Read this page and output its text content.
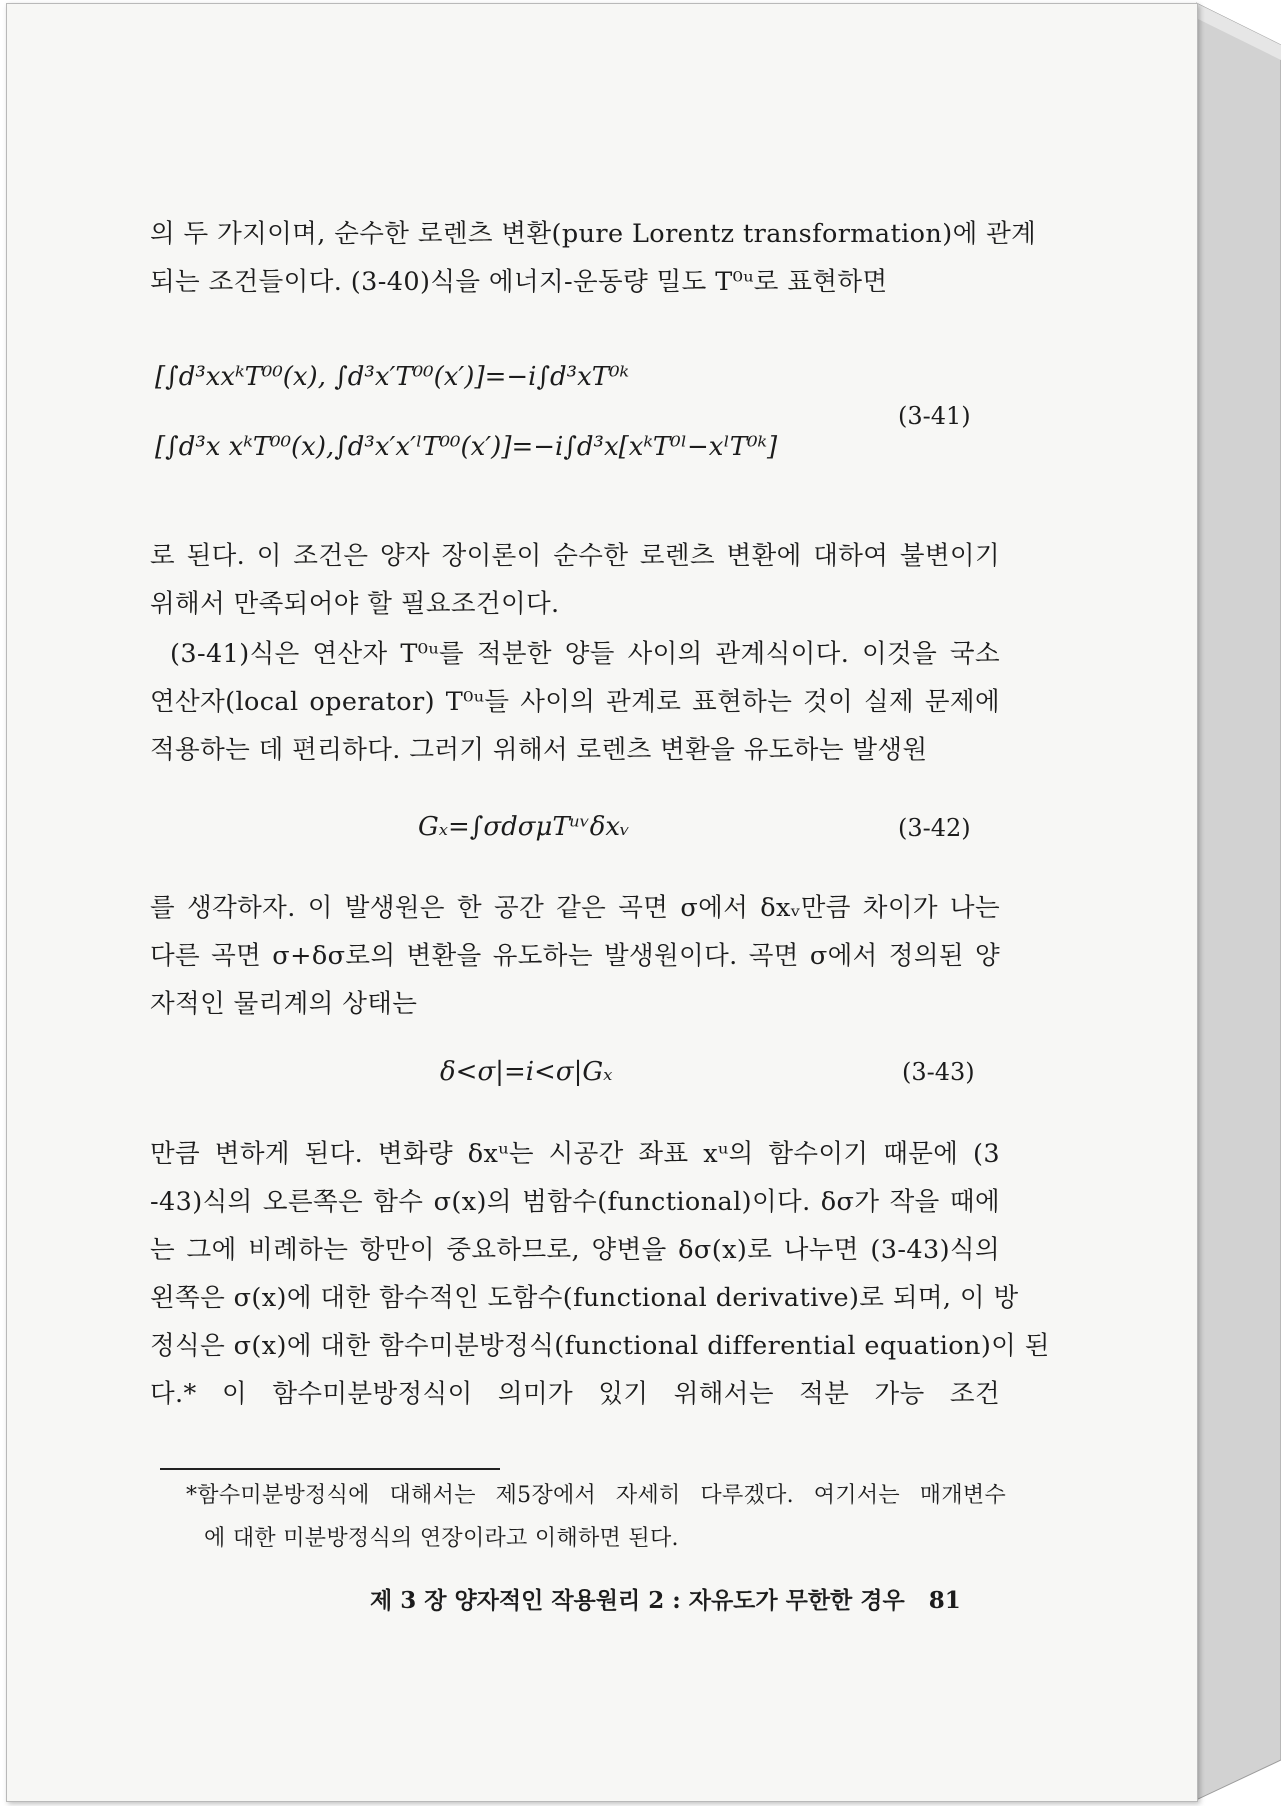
의 두 가지이며, 순수한 로렌츠 변환(pure Lorentz transformation)에 관계
되는 조건들이다. (3-40)식을 에너지-운동량 밀도 T⁰ᵘ로 표현하면
[∫d³xxᵏT⁰⁰(x), ∫d³x′T⁰⁰(x′)]=−i∫d³xT⁰ᵏ
[∫d³x xᵏT⁰⁰(x),∫d³x′x′ˡT⁰⁰(x′)]=−i∫d³x[xᵏT⁰ˡ−xˡT⁰ᵏ]
(3-41)
로 된다. 이 조건은 양자 장이론이 순수한 로렌츠 변환에 대하여 불변이기
위해서 만족되어야 할 필요조건이다.
(3-41)식은 연산자 T⁰ᵘ를 적분한 양들 사이의 관계식이다. 이것을 국소
연산자(local operator) T⁰ᵘ들 사이의 관계로 표현하는 것이 실제 문제에
적용하는 데 편리하다. 그러기 위해서 로렌츠 변환을 유도하는 발생원
Gₓ=∫σdσμTᵘᵛδxᵥ	(3-42)
를 생각하자. 이 발생원은 한 공간 같은 곡면 σ에서 δxᵥ만큼 차이가 나는
다른 곡면 σ+δσ로의 변환을 유도하는 발생원이다. 곡면 σ에서 정의된 양
자적인 물리계의 상태는
δ<σ|=i<σ|Gₓ	(3-43)
만큼 변하게 된다. 변화량 δxᵘ는 시공간 좌표 xᵘ의 함수이기 때문에 (3
-43)식의 오른쪽은 함수 σ(x)의 범함수(functional)이다. δσ가 작을 때에
는 그에 비례하는 항만이 중요하므로, 양변을 δσ(x)로 나누면 (3-43)식의
왼쪽은 σ(x)에 대한 함수적인 도함수(functional derivative)로 되며, 이 방
정식은 σ(x)에 대한 함수미분방정식(functional differential equation)이 된
다.* 이 함수미분방정식이 의미가 있기 위해서는 적분 가능 조건
*함수미분방정식에 대해서는 제5장에서 자세히 다루겠다. 여기서는 매개변수
에 대한 미분방정식의 연장이라고 이해하면 된다.
제 3 장 양자적인 작용원리 2 : 자유도가 무한한 경우 81
